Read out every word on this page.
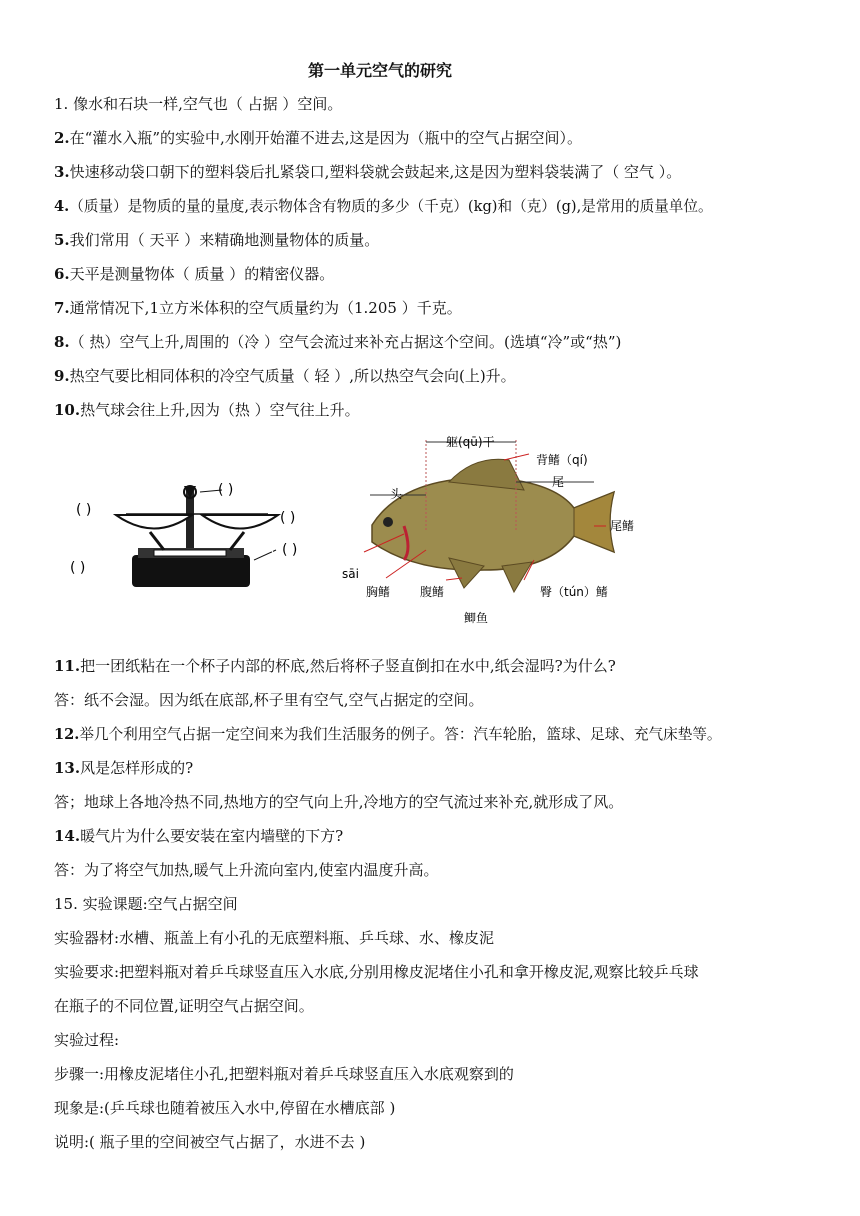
第一单元空气的研究
1. 像水和石块一样,空气也（ 占据 ）空间。
2.在“灌水入瓶”的实验中,水刚开始灌不进去,这是因为（瓶中的空气占据空间）。
3.快速移动袋口朝下的塑料袋后扎紧袋口,塑料袋就会鼓起来,这是因为塑料袋装满了（ 空气 ）。
4.（质量）是物质的量的量度,表示物体含有物质的多少（千克）(kg)和（克）(g),是常用的质量单位。
5.我们常用（ 天平 ）来精确地测量物体的质量。
6.天平是测量物体（ 质量 ）的精密仪器。
7.通常情况下,1立方米体积的空气质量约为（1.205 ）千克。
8.（ 热）空气上升,周围的（冷 ）空气会流过来补充占据这个空间。(选填“冷”或“热”)
9.热空气要比相同体积的冷空气质量（ 轻 ）,所以热空气会向(上)升。
10.热气球会往上升,因为（热 ）空气往上升。
( )
( )	( )
( )
( )
( )
躯(qū)干
背鳍（qí)
头
尾
尾鳍
sāi
胸鳍 腹鳍	臀（tún）鳍
鲫鱼
11.把一团纸粘在一个杯子内部的杯底,然后将杯子竖直倒扣在水中,纸会湿吗?为什么?
答：纸不会湿。因为纸在底部,杯子里有空气,空气占据定的空间。
12.举几个利用空气占据一定空间来为我们生活服务的例子。答：汽车轮胎，篮球、足球、充气床垫等。
13.风是怎样形成的?
答；地球上各地冷热不同,热地方的空气向上升,冷地方的空气流过来补充,就形成了风。
14.暖气片为什么要安装在室内墙壁的下方?
答：为了将空气加热,暖气上升流向室内,使室内温度升高。
15. 实验课题:空气占据空间
实验器材:水槽、瓶盖上有小孔的无底塑料瓶、乒乓球、水、橡皮泥
实验要求:把塑料瓶对着乒乓球竖直压入水底,分别用橡皮泥堵住小孔和拿开橡皮泥,观察比较乒乓球
在瓶子的不同位置,证明空气占据空间。
实验过程:
步骤一:用橡皮泥堵住小孔,把塑料瓶对着乒乓球竖直压入水底观察到的
现象是:(乒乓球也随着被压入水中,停留在水槽底部 )
说明:( 瓶子里的空间被空气占据了，水进不去 )
